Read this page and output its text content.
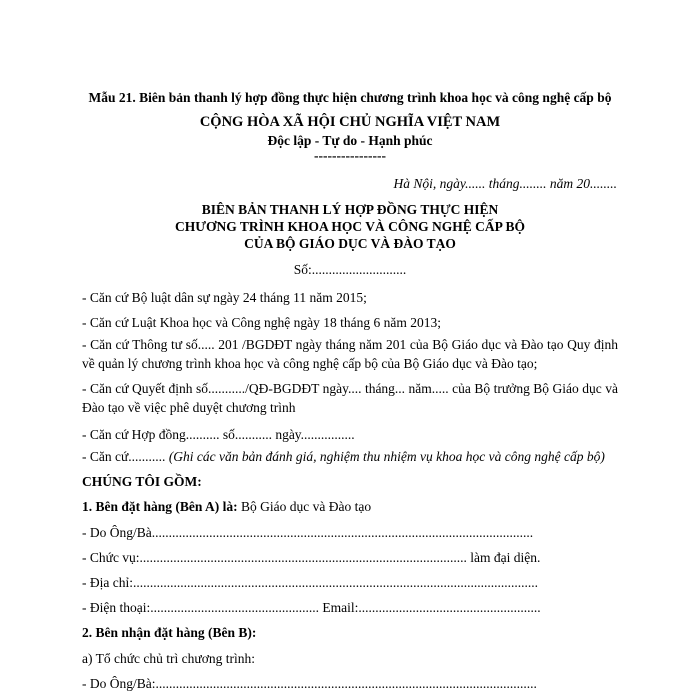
Mẫu 21. Biên bản thanh lý hợp đồng thực hiện chương trình khoa học và công nghệ cấp bộ
CỘNG HÒA XÃ HỘI CHỦ NGHĨA VIỆT NAM
Độc lập - Tự do - Hạnh phúc
----------------
Hà Nội, ngày...... tháng........ năm 20........
BIÊN BẢN THANH LÝ HỢP ĐỒNG THỰC HIỆN
CHƯƠNG TRÌNH KHOA HỌC VÀ CÔNG NGHỆ CẤP BỘ
CỦA BỘ GIÁO DỤC VÀ ĐÀO TẠO
Số:............................
- Căn cứ Bộ luật dân sự ngày 24 tháng 11 năm 2015;
- Căn cứ Luật Khoa học và Công nghệ ngày 18 tháng 6 năm 2013;
- Căn cứ Thông tư số..... 201 /BGDĐT ngày tháng năm 201 của Bộ Giáo dục và Đào tạo Quy định về quản lý chương trình khoa học và công nghệ cấp bộ của Bộ Giáo dục và Đào tạo;
- Căn cứ Quyết định số.........../QĐ-BGDĐT ngày.... tháng... năm..... của Bộ trưởng Bộ Giáo dục và Đào tạo về việc phê duyệt chương trình
- Căn cứ Hợp đồng.......... số........... ngày................
- Căn cứ........... (Ghi các văn bản đánh giá, nghiệm thu nhiệm vụ khoa học và công nghệ cấp bộ)
CHÚNG TÔI GỒM:
1. Bên đặt hàng (Bên A) là: Bộ Giáo dục và Đào tạo
- Do Ông/Bà.................................................................................................................
- Chức vụ:................................................................................................. làm đại diện.
- Địa chỉ:........................................................................................................................
- Điện thoại:.................................................. Email:......................................................
2. Bên nhận đặt hàng (Bên B):
a) Tổ chức chủ trì chương trình:
- Do Ông/Bà:.................................................................................................................
